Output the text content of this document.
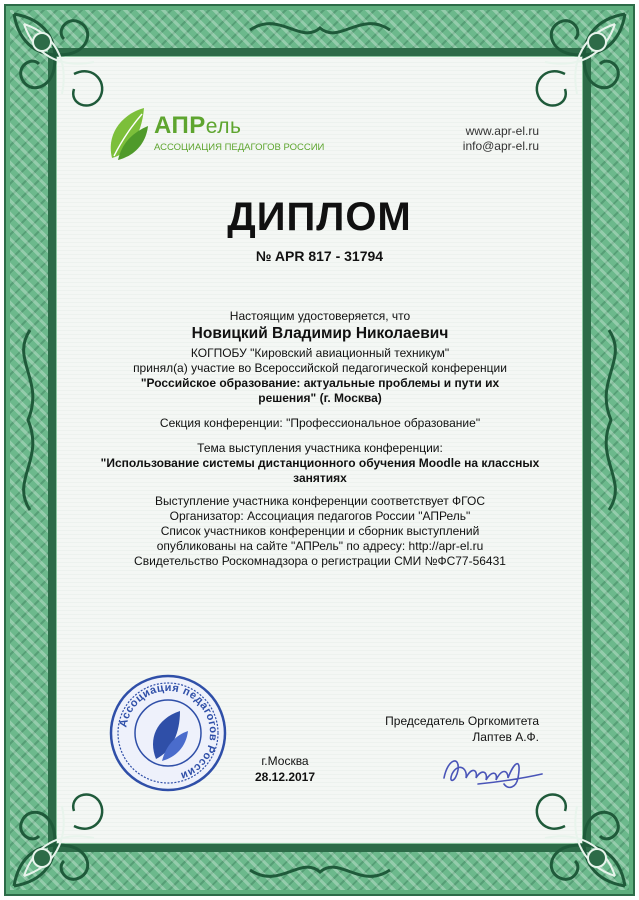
АПРель
АССОЦИАЦИЯ ПЕДАГОГОВ РОССИИ
www.apr-el.ru
info@apr-el.ru
ДИПЛОМ
№ APR 817 - 31794
Настоящим удостоверяется, что
Новицкий Владимир Николаевич
КОГПОБУ "Кировский авиационный техникум"
принял(а) участие во Всероссийской педагогической конференции
"Российское образование: актуальные проблемы и пути их
решения" (г. Москва)
Секция конференции: "Профессиональное образование"
Тема выступления участника конференции:
"Использование системы дистанционного обучения Moodle на классных
занятиях
Выступление участника конференции соответствует ФГОС
Организатор: Ассоциация педагогов России "АПРель"
Список участников конференции и сборник выступлений
опубликованы на сайте "АПРель" по адресу: http://apr-el.ru
Свидетельство Роскомнадзора о регистрации СМИ №ФС77-56431
Ассоциация педагогов России
г.Москва
28.12.2017
Председатель Оргкомитета
Лаптев А.Ф.
